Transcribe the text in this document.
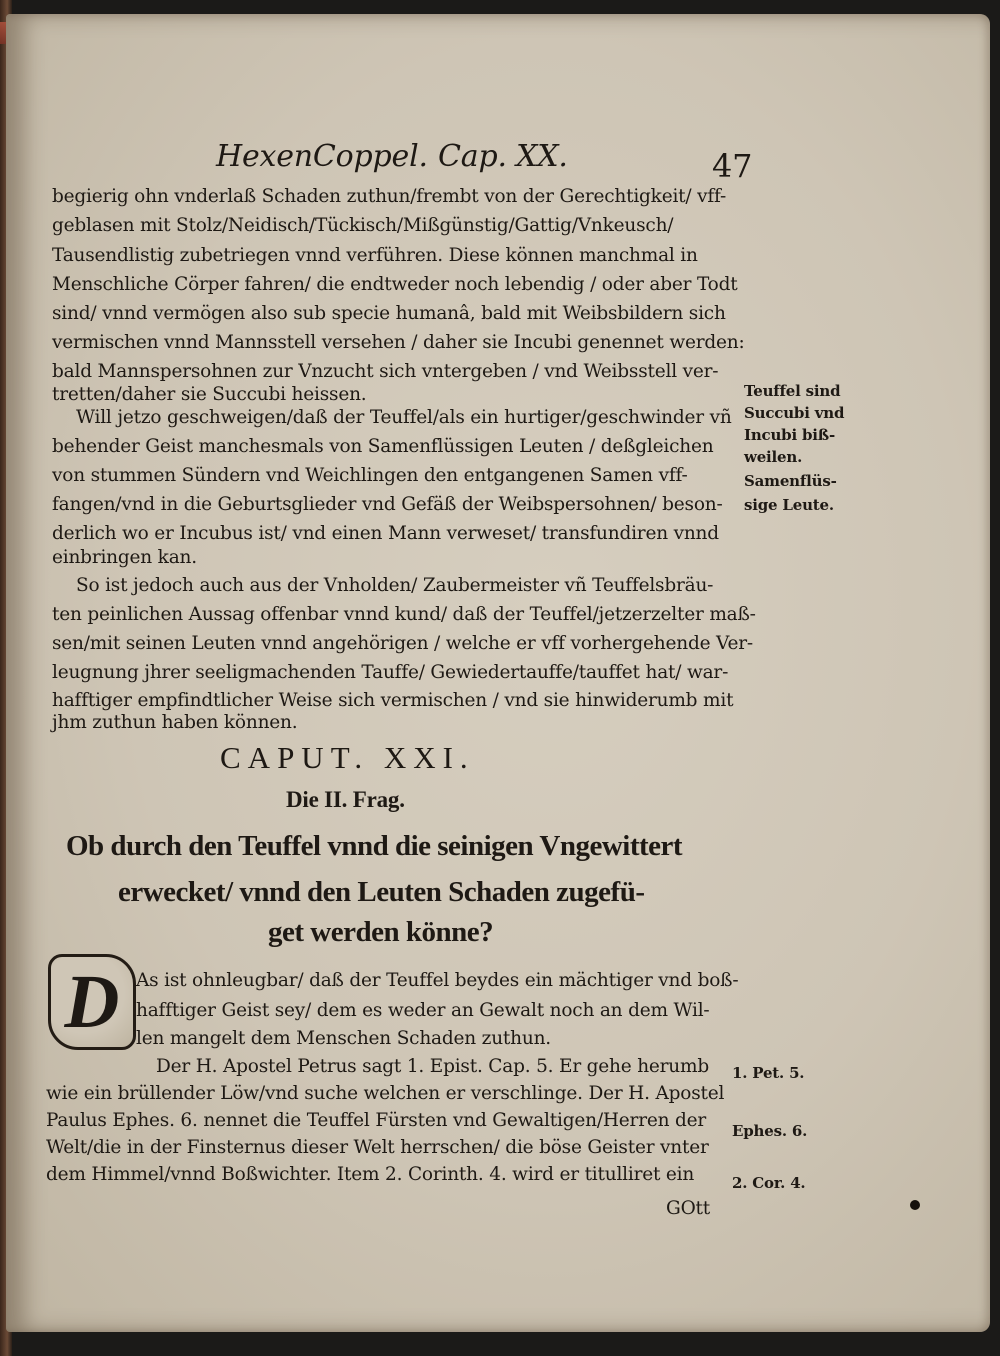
HexenCoppel. Cap. XX.	47
begierig ohn vnderlaß Schaden zuthun/frembt von der Gerechtigkeit/ vff-
geblasen mit Stolz/Neidisch/Tückisch/Mißgünstig/Gattig/Vnkeusch/
Tausendlistig zubetriegen vnnd verführen. Diese können manchmal in
Menschliche Cörper fahren/ die endtweder noch lebendig / oder aber Todt
sind/ vnnd vermögen also sub specie humanâ, bald mit Weibsbildern sich
vermischen vnnd Mannsstell versehen / daher sie Incubi genennet werden:
bald Mannspersohnen zur Vnzucht sich vntergeben / vnd Weibsstell ver-
tretten/daher sie Succubi heissen.
Will jetzo geschweigen/daß der Teuffel/als ein hurtiger/geschwinder vñ
behender Geist manchesmals von Samenflüssigen Leuten / deßgleichen
von stummen Sündern vnd Weichlingen den entgangenen Samen vff-
fangen/vnd in die Geburtsglieder vnd Gefäß der Weibspersohnen/ beson-
derlich wo er Incubus ist/ vnd einen Mann verweset/ transfundiren vnnd
einbringen kan.
So ist jedoch auch aus der Vnholden/ Zaubermeister vñ Teuffelsbräu-
ten peinlichen Aussag offenbar vnnd kund/ daß der Teuffel/jetzerzelter maß-
sen/mit seinen Leuten vnnd angehörigen / welche er vff vorhergehende Ver-
leugnung jhrer seeligmachenden Tauffe/ Gewiedertauffe/tauffet hat/ war-
hafftiger empfindtlicher Weise sich vermischen / vnd sie hinwiderumb mit
jhm zuthun haben können.
CAPUT. XXI.
Die II. Frag.
Ob durch den Teuffel vnnd die seinigen Vngewittert
erwecket/ vnnd den Leuten Schaden zugefü-
get werden könne?
D As ist ohnleugbar/ daß der Teuffel beydes ein mächtiger vnd boß-
hafftiger Geist sey/ dem es weder an Gewalt noch an dem Wil-
len mangelt dem Menschen Schaden zuthun.
Der H. Apostel Petrus sagt 1. Epist. Cap. 5. Er gehe herumb
wie ein brüllender Löw/vnd suche welchen er verschlinge. Der H. Apostel
Paulus Ephes. 6. nennet die Teuffel Fürsten vnd Gewaltigen/Herren der
Welt/die in der Finsternus dieser Welt herrschen/ die böse Geister vnter
dem Himmel/vnnd Boßwichter. Item 2. Corinth. 4. wird er titulliret ein
GOtt
Teuffel sind
Succubi vnd
Incubi biß-
weilen.
Samenflüs-
sige Leute.
1. Pet. 5.
Ephes. 6.
2. Cor. 4.
